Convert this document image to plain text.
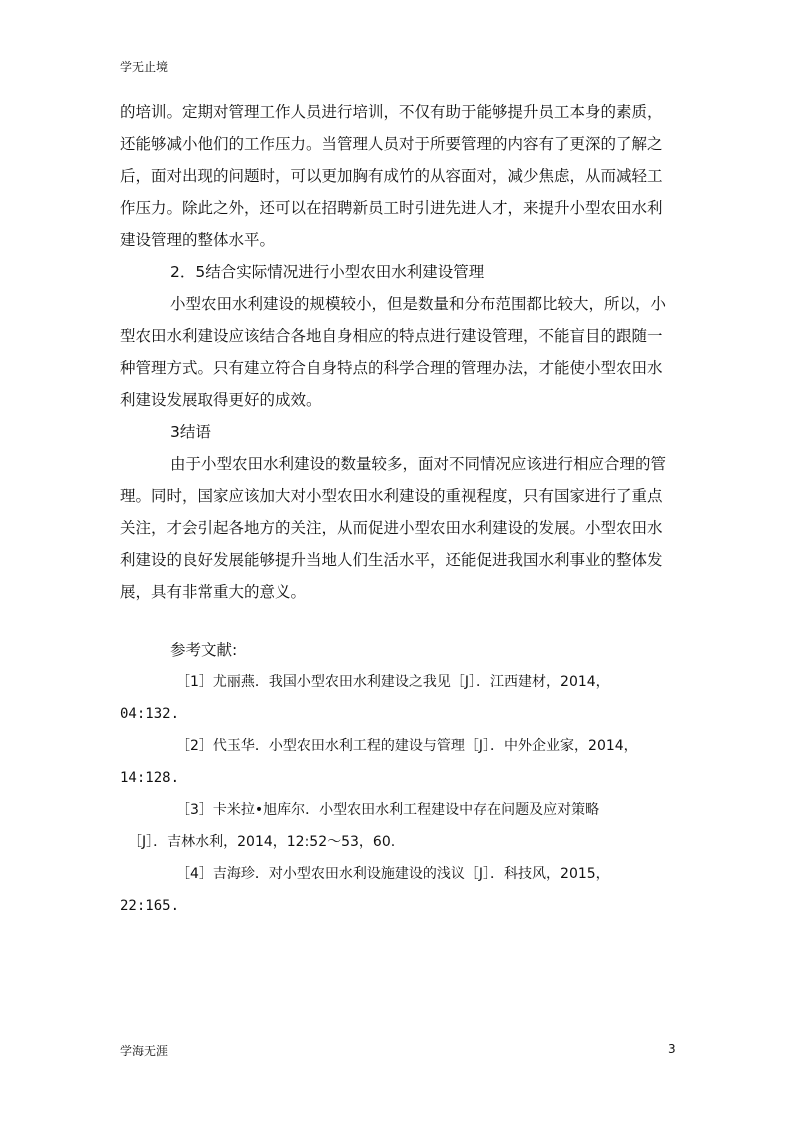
学无止境
的培训。定期对管理工作人员进行培训，不仅有助于能够提升员工本身的素质，
还能够减小他们的工作压力。当管理人员对于所要管理的内容有了更深的了解之
后，面对出现的问题时，可以更加胸有成竹的从容面对，减少焦虑，从而减轻工
作压力。除此之外，还可以在招聘新员工时引进先进人才，来提升小型农田水利
建设管理的整体水平。
2．5结合实际情况进行小型农田水利建设管理
小型农田水利建设的规模较小，但是数量和分布范围都比较大，所以，小
型农田水利建设应该结合各地自身相应的特点进行建设管理，不能盲目的跟随一
种管理方式。只有建立符合自身特点的科学合理的管理办法，才能使小型农田水
利建设发展取得更好的成效。
3结语
由于小型农田水利建设的数量较多，面对不同情况应该进行相应合理的管
理。同时，国家应该加大对小型农田水利建设的重视程度，只有国家进行了重点
关注，才会引起各地方的关注，从而促进小型农田水利建设的发展。小型农田水
利建设的良好发展能够提升当地人们生活水平，还能促进我国水利事业的整体发
展，具有非常重大的意义。
参考文献:
［1］尤丽燕．我国小型农田水利建设之我见［J］．江西建材，2014，
04:132.
［2］代玉华．小型农田水利工程的建设与管理［J］．中外企业家，2014，
14:128.
［3］卡米拉•旭库尔．小型农田水利工程建设中存在问题及应对策略
［J］．吉林水利，2014，12:52～53，60.
［4］吉海珍．对小型农田水利设施建设的浅议［J］．科技风，2015，
22:165.
学海无涯	3
